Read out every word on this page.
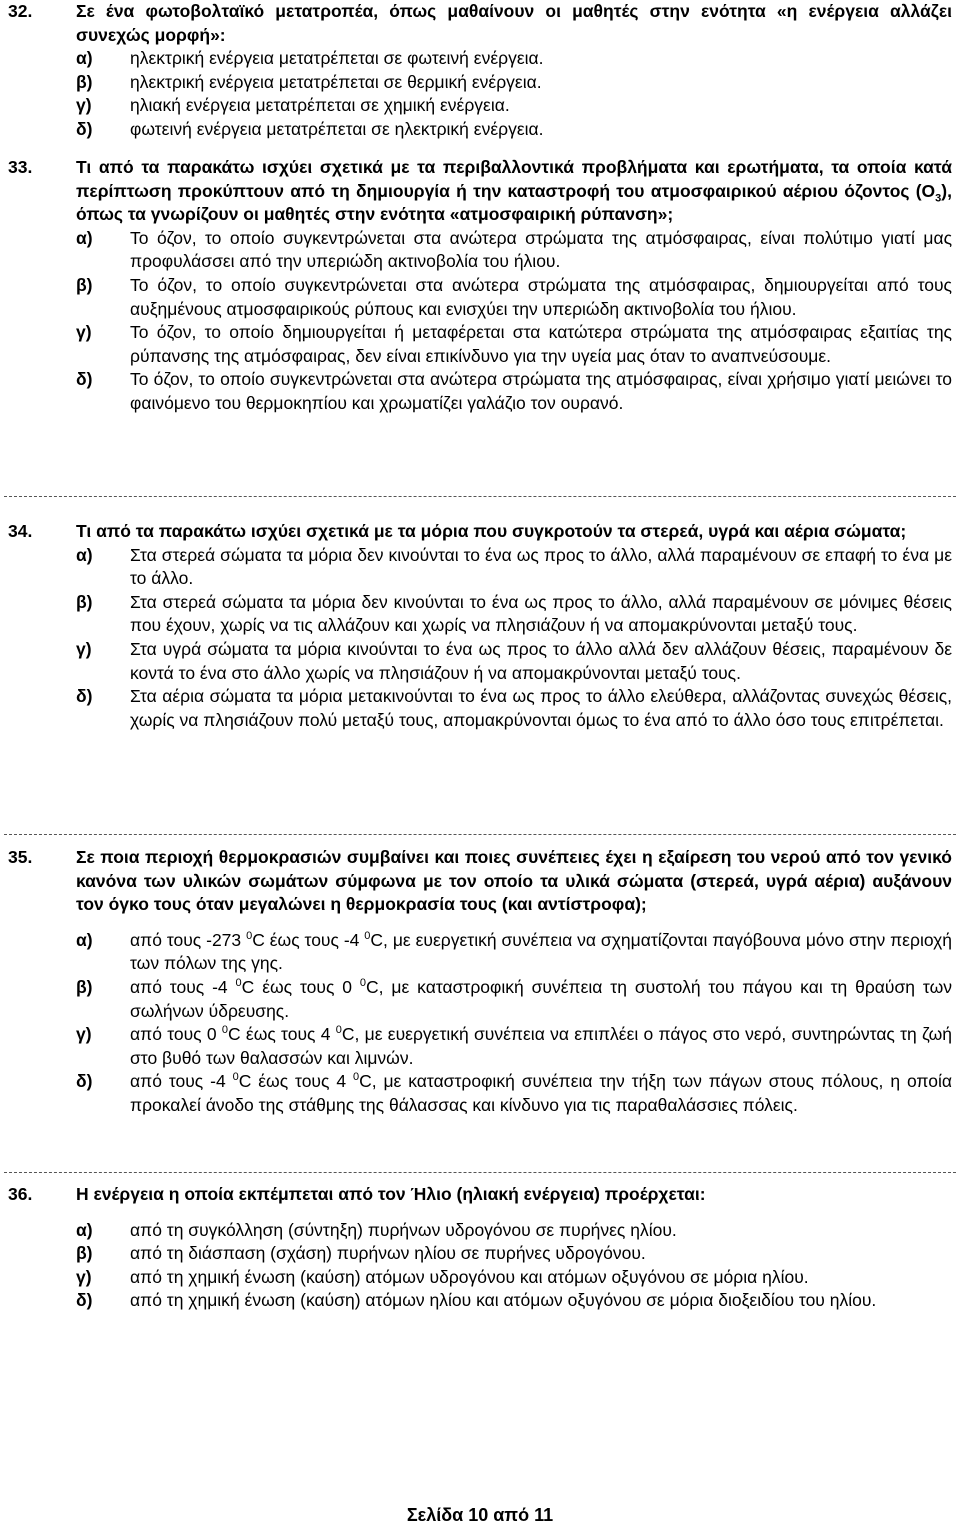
32.	Σε ένα φωτοβολταϊκό μετατροπέα, όπως μαθαίνουν οι μαθητές στην ενότητα «η ενέργεια αλλάζει συνεχώς μορφή»:
α)	ηλεκτρική ενέργεια μετατρέπεται σε φωτεινή ενέργεια.
β)	ηλεκτρική ενέργεια μετατρέπεται σε θερμική ενέργεια.
γ)	ηλιακή ενέργεια μετατρέπεται σε χημική ενέργεια.
δ)	φωτεινή ενέργεια μετατρέπεται σε ηλεκτρική ενέργεια.
33.	Τι από τα παρακάτω ισχύει σχετικά με τα περιβαλλοντικά προβλήματα και ερωτήματα, τα οποία κατά περίπτωση προκύπτουν από τη δημιουργία ή την καταστροφή του ατμοσφαιρικού αέριου όζοντος $(O_3)$, όπως τα γνωρίζουν οι μαθητές στην ενότητα «ατμοσφαιρική ρύπανση»;
α)	Το όζον, το οποίο συγκεντρώνεται στα ανώτερα στρώματα της ατμόσφαιρας, είναι πολύτιμο γιατί μας προφυλάσσει από την υπεριώδη ακτινοβολία του ήλιου.
β)	Το όζον, το οποίο συγκεντρώνεται στα ανώτερα στρώματα της ατμόσφαιρας, δημιουργείται από τους αυξημένους ατμοσφαιρικούς ρύπους και ενισχύει την υπεριώδη ακτινοβολία του ήλιου.
γ)	Το όζον, το οποίο δημιουργείται ή μεταφέρεται στα κατώτερα στρώματα της ατμόσφαιρας εξαιτίας της ρύπανσης της ατμόσφαιρας, δεν είναι επικίνδυνο για την υγεία μας όταν το αναπνεύσουμε.
δ)	Το όζον, το οποίο συγκεντρώνεται στα ανώτερα στρώματα της ατμόσφαιρας, είναι χρήσιμο γιατί μειώνει το φαινόμενο του θερμοκηπίου και χρωματίζει γαλάζιο τον ουρανό.
34.	Τι από τα παρακάτω ισχύει σχετικά με τα μόρια που συγκροτούν τα στερεά, υγρά και αέρια σώματα;
α)	Στα στερεά σώματα τα μόρια δεν κινούνται το ένα ως προς το άλλο, αλλά παραμένουν σε επαφή το ένα με το άλλο.
β)	Στα στερεά σώματα τα μόρια δεν κινούνται το ένα ως προς το άλλο, αλλά παραμένουν σε μόνιμες θέσεις που έχουν, χωρίς να τις αλλάζουν και χωρίς να πλησιάζουν ή να απομακρύνονται μεταξύ τους.
γ)	Στα υγρά σώματα τα μόρια κινούνται το ένα ως προς το άλλο αλλά δεν αλλάζουν θέσεις, παραμένουν δε κοντά το ένα στο άλλο χωρίς να πλησιάζουν ή να απομακρύνονται μεταξύ τους.
δ)	Στα αέρια σώματα τα μόρια μετακινούνται το ένα ως προς το άλλο ελεύθερα, αλλάζοντας συνεχώς θέσεις, χωρίς να πλησιάζουν πολύ μεταξύ τους, απομακρύνονται όμως το ένα από το άλλο όσο τους επιτρέπεται.
35.	Σε ποια περιοχή θερμοκρασιών συμβαίνει και ποιες συνέπειες έχει η εξαίρεση του νερού από τον γενικό κανόνα των υλικών σωμάτων σύμφωνα με τον οποίο τα υλικά σώματα (στερεά, υγρά αέρια) αυξάνουν τον όγκο τους όταν μεγαλώνει η θερμοκρασία τους (και αντίστροφα);
α)	από τους -273 $^0$C έως τους -4 $^0$C, με ευεργετική συνέπεια να σχηματίζονται παγόβουνα μόνο στην περιοχή των πόλων της γης.
β)	από τους -4 $^0$C έως τους 0 $^0$C, με καταστροφική συνέπεια τη συστολή του πάγου και τη θραύση των σωλήνων ύδρευσης.
γ)	από τους 0 $^0$C έως τους 4 $^0$C, με ευεργετική συνέπεια να επιπλέει ο πάγος στο νερό, συντηρώντας τη ζωή στο βυθό των θαλασσών και λιμνών.
δ)	από τους -4 $^0$C έως τους 4 $^0$C, με καταστροφική συνέπεια την τήξη των πάγων στους πόλους, η οποία προκαλεί άνοδο της στάθμης της θάλασσας και κίνδυνο για τις παραθαλάσσιες πόλεις.
36.	Η ενέργεια η οποία εκπέμπεται από τον Ήλιο (ηλιακή ενέργεια) προέρχεται:
α)	από τη συγκόλληση (σύντηξη) πυρήνων υδρογόνου σε πυρήνες ηλίου.
β)	από τη διάσπαση (σχάση) πυρήνων ηλίου σε πυρήνες υδρογόνου.
γ)	από τη χημική ένωση (καύση) ατόμων υδρογόνου και ατόμων οξυγόνου σε μόρια ηλίου.
δ)	από τη χημική ένωση (καύση) ατόμων ηλίου και ατόμων οξυγόνου σε μόρια διοξειδίου του ηλίου.
Σελίδα 10 από 11
